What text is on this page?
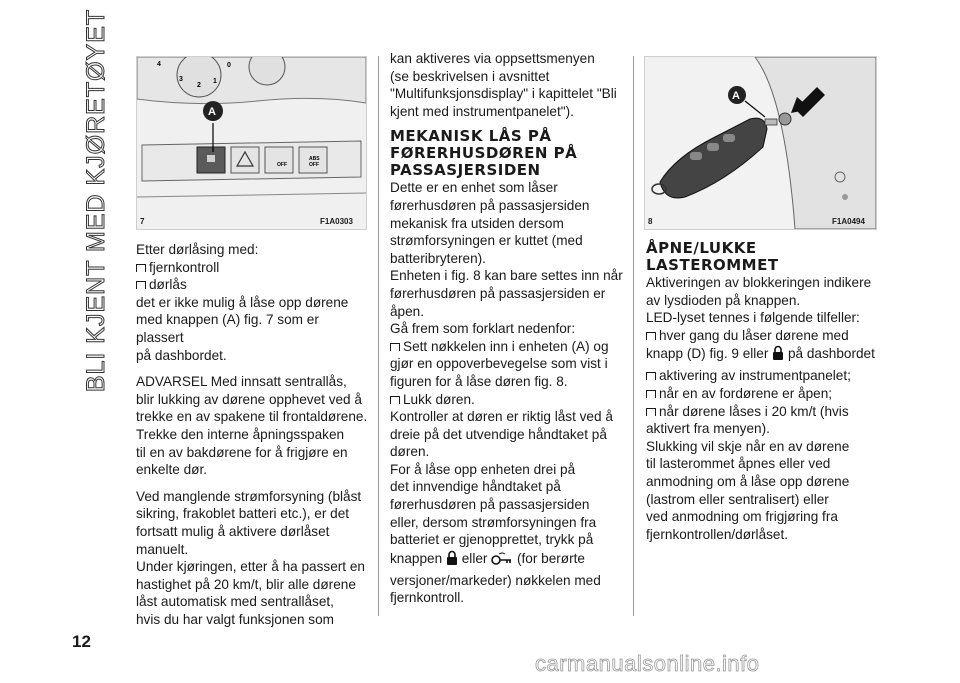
BLI KJENT MED KJØRETØYET	4
3
2
1
0
ABS
OFF
OFF
A
7	F1A0303

Etter dørlåsing med:

fjernkontroll

dørlås

det er ikke mulig å låse opp dørene

med knappen (A) fig. 7 som er plassert

på dashbordet.

ADVARSEL Med innsatt sentrallås,

blir lukking av dørene opphevet ved å

trekke en av spakene til frontaldørene.

Trekke den interne åpningsspaken

til en av bakdørene for å frigjøre en

enkelte dør.

Ved manglende strømforsyning (blåst

sikring, frakoblet batteri etc.), er det

fortsatt mulig å aktivere dørlåset

manuelt.

Under kjøringen, etter å ha passert en

hastighet på 20 km/t, blir alle dørene

låst automatisk med sentrallåset,

hvis du har valgt funksjonen som

kan aktiveres via oppsettsmenyen

(se beskrivelsen i avsnittet

"Multifunksjonsdisplay" i kapittelet "Bli

kjent med instrumentpanelet").

MEKANISK LÅS PÅ

FØRERHUSDØREN PÅ

PASSASJERSIDEN

Dette er en enhet som låser

førerhusdøren på passasjersiden

mekanisk fra utsiden dersom

strømforsyningen er kuttet (med

batteribryteren).

Enheten i fig. 8 kan bare settes inn når

førerhusdøren på passasjersiden er

åpen.

Gå frem som forklart nedenfor:

Sett nøkkelen inn i enheten (A) og

gjør en oppoverbevegelse som vist i

figuren for å låse døren fig. 8.

Lukk døren.

Kontroller at døren er riktig låst ved å

dreie på det utvendige håndtaket på

døren.

For å låse opp enheten drei på

det innvendige håndtaket på

førerhusdøren på passasjersiden

eller, dersom strømforsyningen fra

batteriet er gjenopprettet, trykk på

knappen eller (for berørte

versjoner/markeder) nøkkelen med

fjernkontroll.

A
8	F1A0494

ÅPNE/LUKKE

LASTEROMMET

Aktiveringen av blokkeringen indikere

av lysdioden på knappen.

LED-lyset tennes i følgende tilfeller:

hver gang du låser dørene med

knapp (D) fig. 9 eller på dashbordet

aktivering av instrumentpanelet;

når en av fordørene er åpen;

når dørene låses i 20 km/t (hvis

aktivert fra menyen).

Slukking vil skje når en av dørene

til lasterommet åpnes eller ved

anmodning om å låse opp dørene

(lastrom eller sentralisert) eller

ved anmodning om frigjøring fra

fjernkontrollen/dørlåset.

12
carmanualsonline.info
